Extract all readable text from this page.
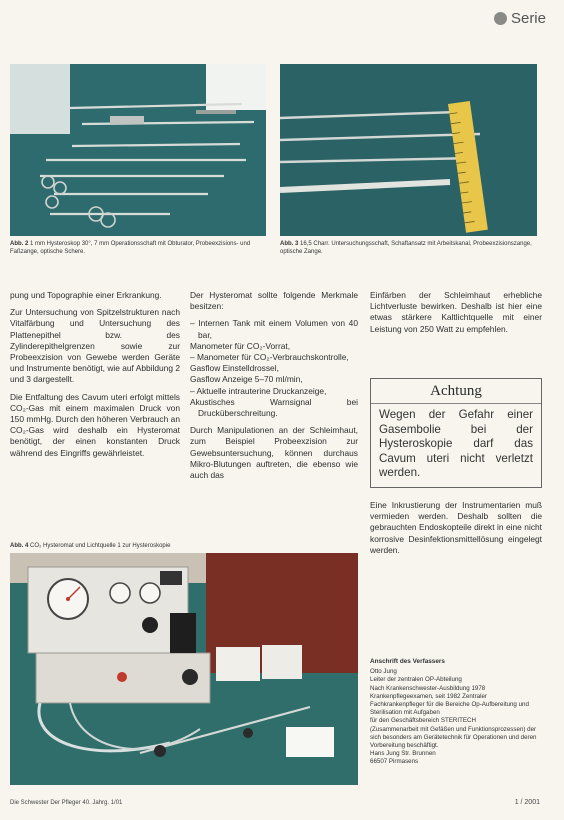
Serie
Abb. 2 1 mm Hysteroskop 30°, 7 mm Operationsschaft mit Obturator, Probeexzisions- und Faßzange, optische Schere.
Abb. 3 16,5 Charr. Untersuchungsschaft, Schaftansatz mit Arbeitskanal, Probeexzisionszange, optische Zange.

pung und Topographie einer Erkrankung.

Zur Untersuchung von Spitzelstrukturen nach Vitalfärbung und Untersuchung des Plattenepithel bzw. des Zylinderepithelgrenzen sowie zur Probeexzision von Gewebe werden Geräte und Instrumente benötigt, wie auf Abbildung 2 und 3 dargestellt.

Die Entfaltung des Cavum uteri erfolgt mittels CO₂-Gas mit einem maximalen Druck von 150 mmHg. Durch den höheren Verbrauch an CO₂-Gas wird deshalb ein Hysteromat benötigt, der einen konstanten Druck während des Eingriffs gewährleistet.

Der Hysteromat sollte folgende Merkmale besitzen:

– Internen Tank mit einem Volumen von 40 bar,
Manometer für CO₂-Vorrat,
– Manometer für CO₂-Verbrauchskontrolle,
Gasflow Einstelldrossel,
Gasflow Anzeige 5–70 ml/min,
– Aktuelle intrauterine Druckanzeige,
Akustisches Warnsignal bei Drucküberschreitung.

Durch Manipulationen an der Schleimhaut, zum Beispiel Probeexzision zur Gewebsuntersuchung, können durchaus Mikro-Blutungen auftreten, die ebenso wie auch das

Einfärben der Schleimhaut erhebliche Lichtverluste bewirken. Deshalb ist hier eine etwas stärkere Kaltlichtquelle mit einer Leistung von 250 Watt zu empfehlen.

Achtung
Wegen der Gefahr einer Gasembolie bei der Hysteroskopie darf das Cavum uteri nicht verletzt werden.

Eine Inkrustierung der Instrumentarien muß vermieden werden. Deshalb sollten die gebrauchten Endoskopteile direkt in eine nicht korrosive Desinfektionsmittellösung eingelegt werden.

Abb. 4 CO₂ Hysteromat und Lichtquelle 1 zur Hysteroskopie
Anschrift des Verfassers
Otto Jung
Leiter der zentralen OP-Abteilung
Nach Krankenschwester-Ausbildung 1978
Krankenpflegeexamen, seit 1982 Zentraler
Fachkrankenpfleger für die Bereiche Op-Aufbereitung und Sterilisation mit Aufgaben
für den Geschäftsbereich STERITECH
(Zusammenarbeit mit Gefäßen und Funktionsprozessen) der sich besonders am Gerätetechnik für Operationen und deren Vorbereitung beschäftigt.
Hans Jung Str. Brunnen
66507 Pirmasens
Die Schwester Der Pfleger 40. Jahrg. 1/01	1 / 2001
